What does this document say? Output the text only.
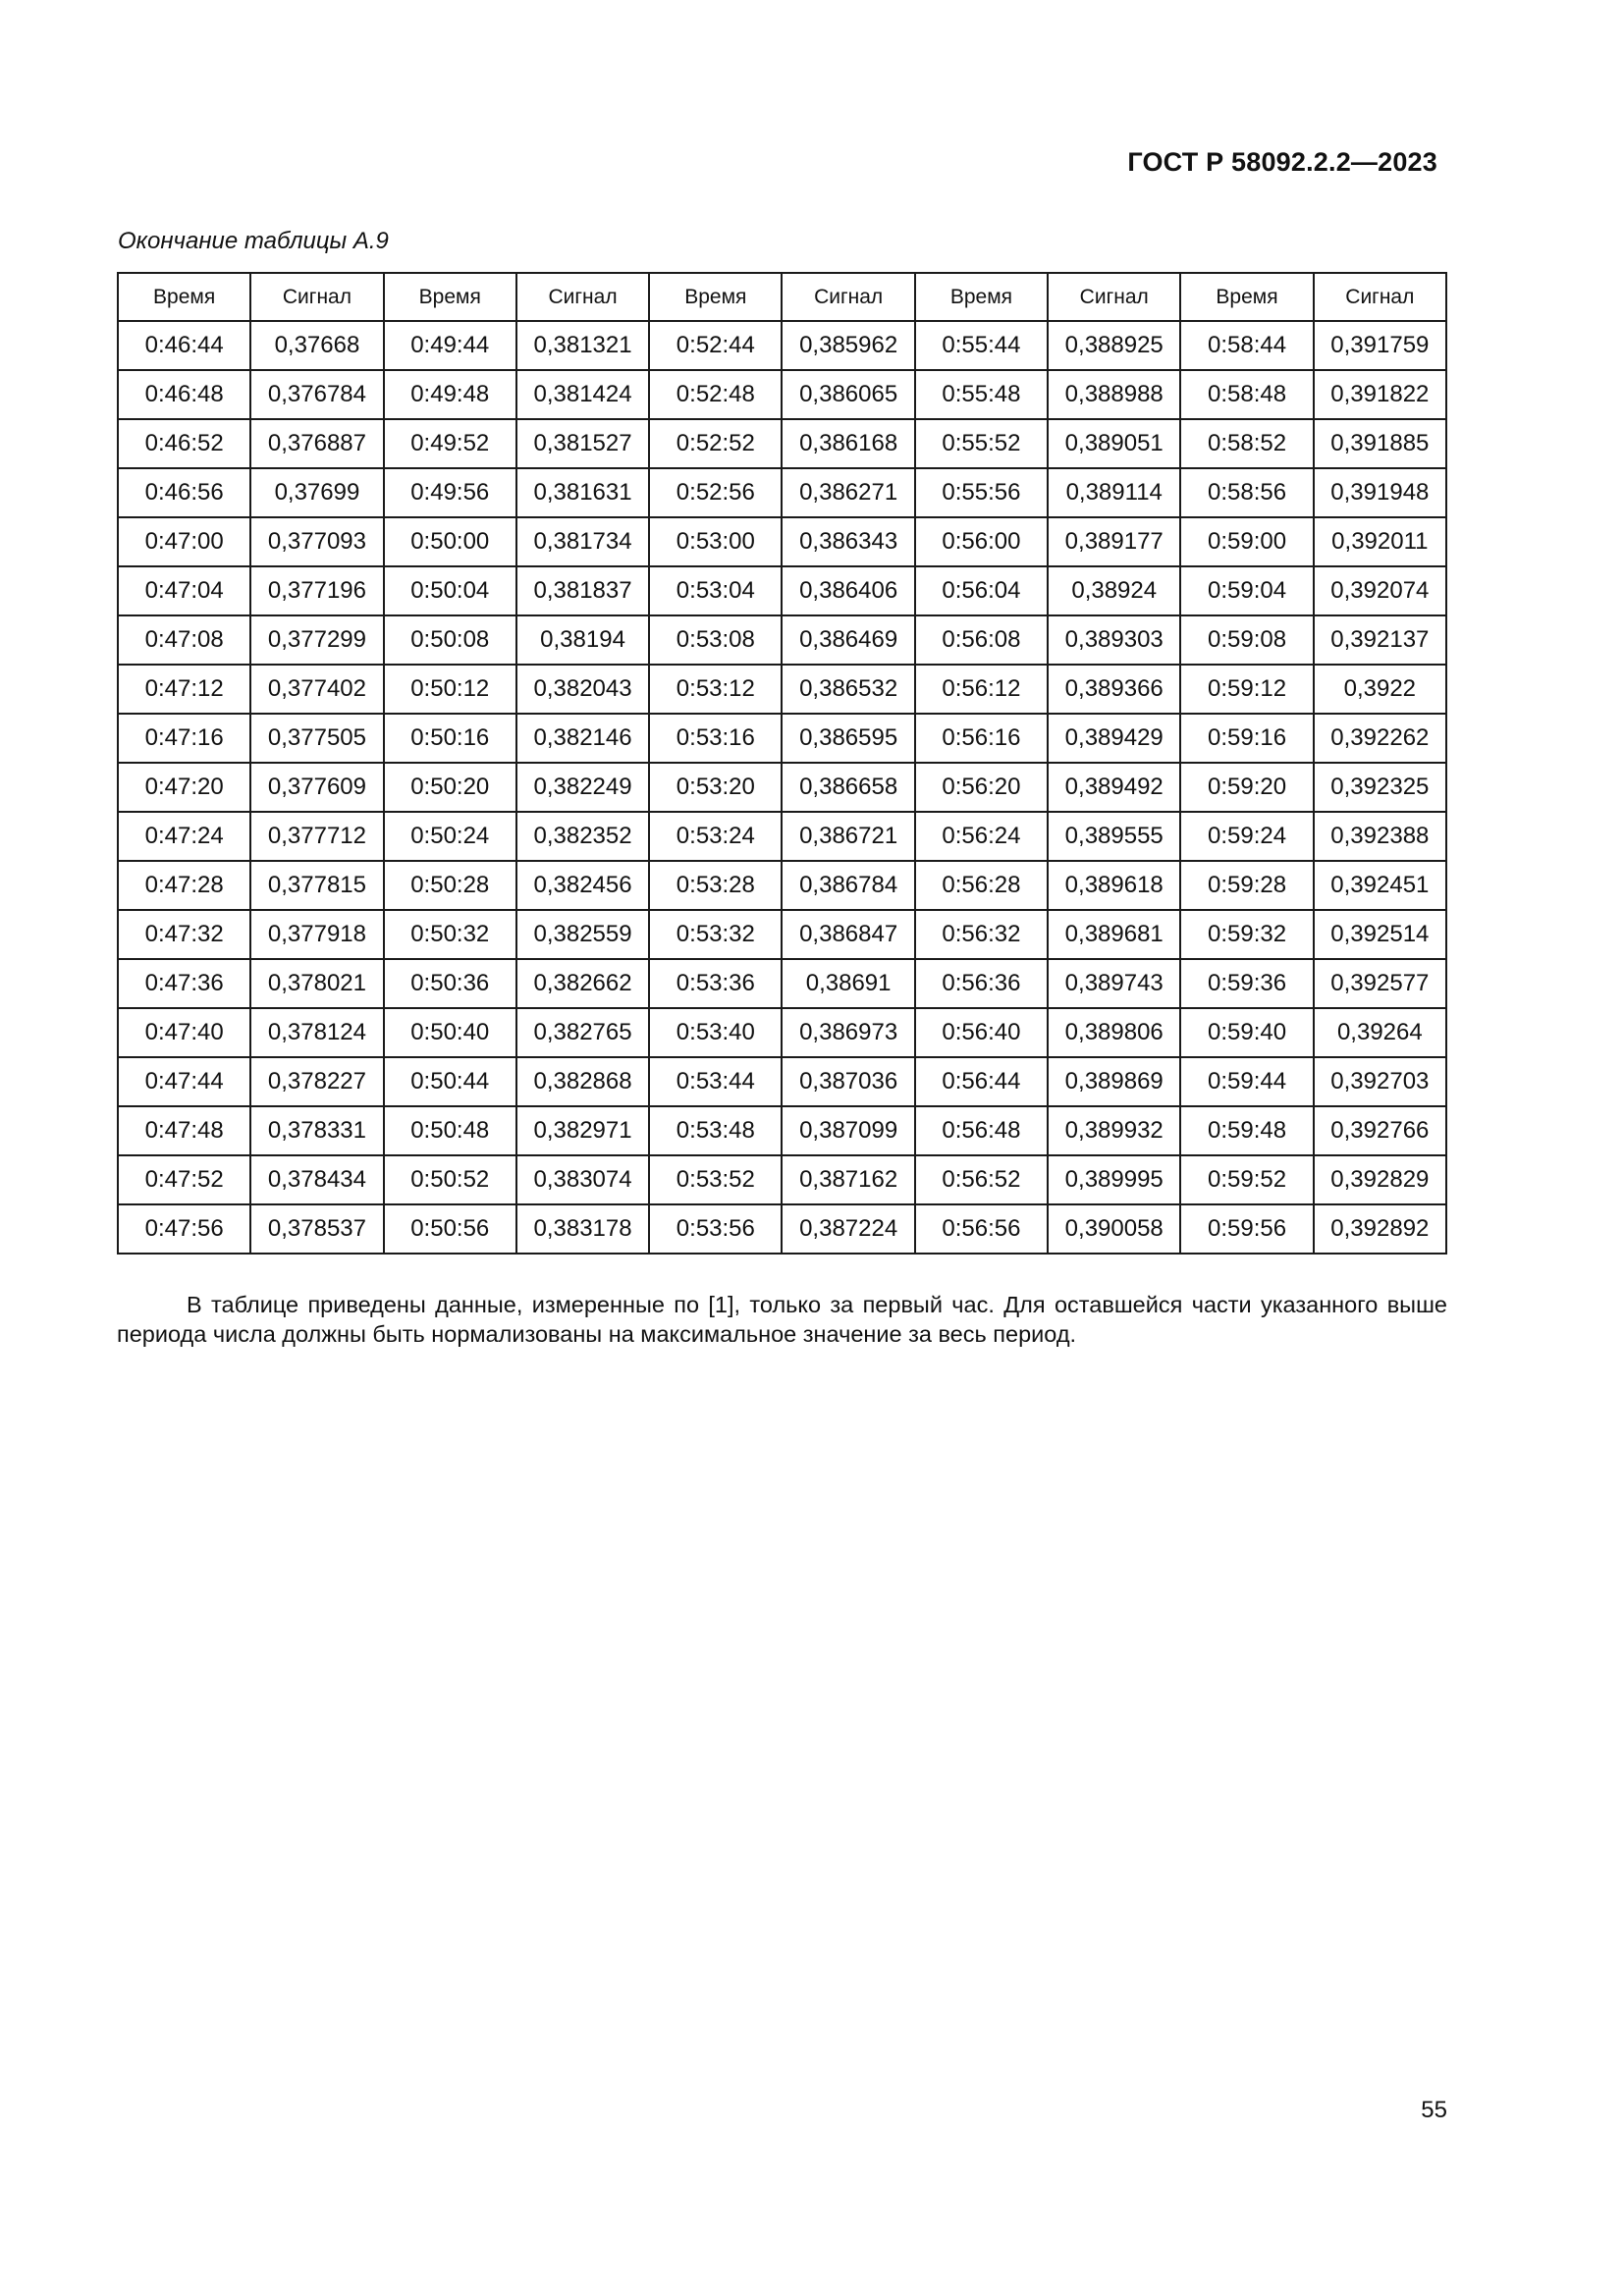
ГОСТ Р 58092.2.2—2023
Окончание таблицы А.9
Время	Сигнал	Время	Сигнал	Время	Сигнал	Время	Сигнал	Время	Сигнал
0:46:44	0,37668	0:49:44	0,381321	0:52:44	0,385962	0:55:44	0,388925	0:58:44	0,391759
0:46:48	0,376784	0:49:48	0,381424	0:52:48	0,386065	0:55:48	0,388988	0:58:48	0,391822
0:46:52	0,376887	0:49:52	0,381527	0:52:52	0,386168	0:55:52	0,389051	0:58:52	0,391885
0:46:56	0,37699	0:49:56	0,381631	0:52:56	0,386271	0:55:56	0,389114	0:58:56	0,391948
0:47:00	0,377093	0:50:00	0,381734	0:53:00	0,386343	0:56:00	0,389177	0:59:00	0,392011
0:47:04	0,377196	0:50:04	0,381837	0:53:04	0,386406	0:56:04	0,38924	0:59:04	0,392074
0:47:08	0,377299	0:50:08	0,38194	0:53:08	0,386469	0:56:08	0,389303	0:59:08	0,392137
0:47:12	0,377402	0:50:12	0,382043	0:53:12	0,386532	0:56:12	0,389366	0:59:12	0,3922
0:47:16	0,377505	0:50:16	0,382146	0:53:16	0,386595	0:56:16	0,389429	0:59:16	0,392262
0:47:20	0,377609	0:50:20	0,382249	0:53:20	0,386658	0:56:20	0,389492	0:59:20	0,392325
0:47:24	0,377712	0:50:24	0,382352	0:53:24	0,386721	0:56:24	0,389555	0:59:24	0,392388
0:47:28	0,377815	0:50:28	0,382456	0:53:28	0,386784	0:56:28	0,389618	0:59:28	0,392451
0:47:32	0,377918	0:50:32	0,382559	0:53:32	0,386847	0:56:32	0,389681	0:59:32	0,392514
0:47:36	0,378021	0:50:36	0,382662	0:53:36	0,38691	0:56:36	0,389743	0:59:36	0,392577
0:47:40	0,378124	0:50:40	0,382765	0:53:40	0,386973	0:56:40	0,389806	0:59:40	0,39264
0:47:44	0,378227	0:50:44	0,382868	0:53:44	0,387036	0:56:44	0,389869	0:59:44	0,392703
0:47:48	0,378331	0:50:48	0,382971	0:53:48	0,387099	0:56:48	0,389932	0:59:48	0,392766
0:47:52	0,378434	0:50:52	0,383074	0:53:52	0,387162	0:56:52	0,389995	0:59:52	0,392829
0:47:56	0,378537	0:50:56	0,383178	0:53:56	0,387224	0:56:56	0,390058	0:59:56	0,392892

В таблице приведены данные, измеренные по [1], только за первый час. Для оставшейся части указанного выше периода числа должны быть нормализованы на максимальное значение за весь период.

55
